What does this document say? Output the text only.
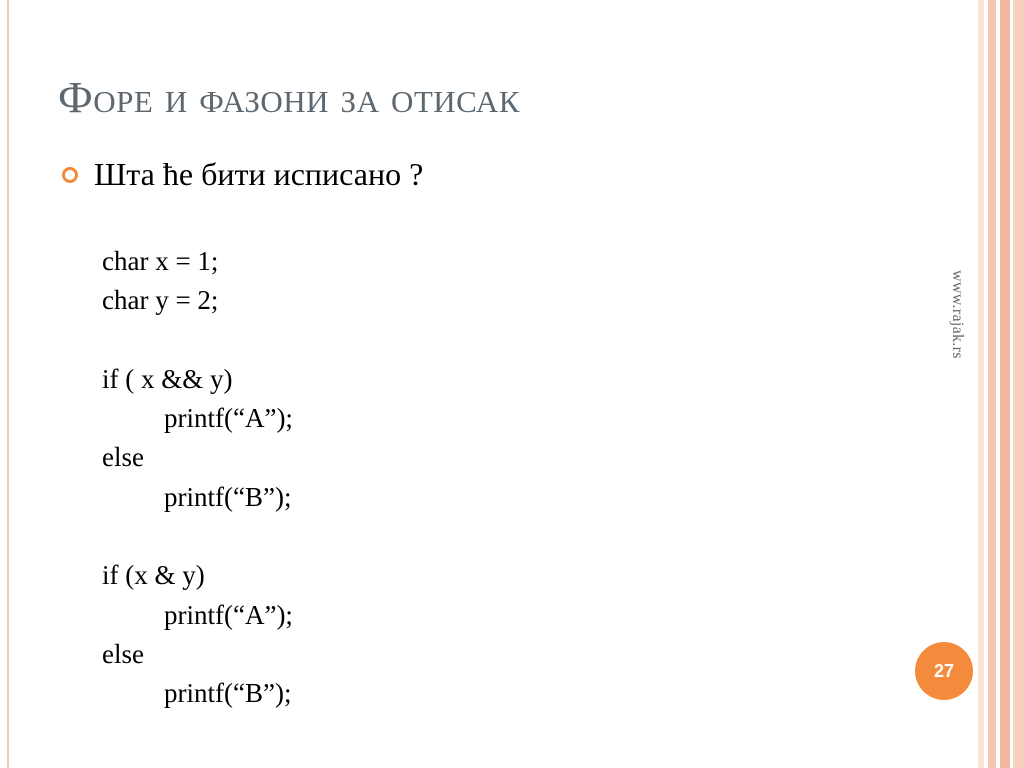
Форе и фазони за отисак
Шта ће бити исписано ?
char x = 1;
char y = 2;
if ( x && y)
printf(“A”);
else
printf(“B”);
if (x & y)
printf(“A”);
else
printf(“B”);
www.rajak.rs
27
